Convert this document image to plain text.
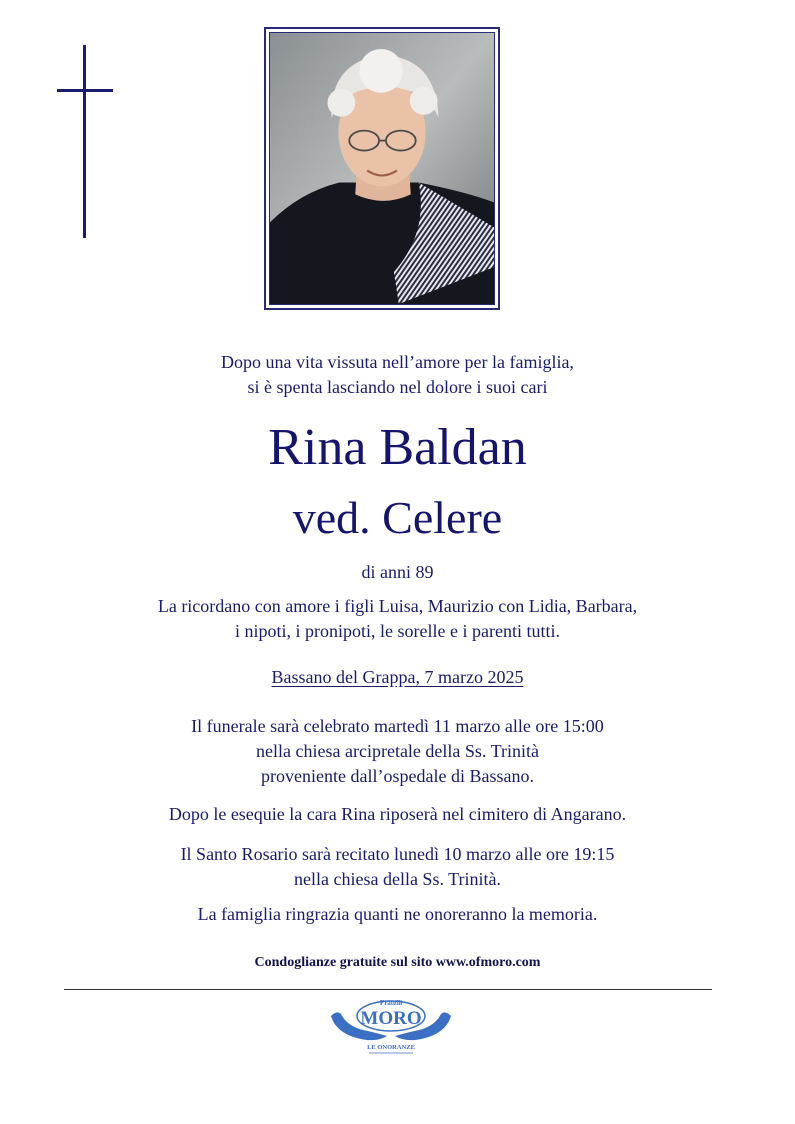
Dopo una vita vissuta nell’amore per la famiglia,
si è spenta lasciando nel dolore i suoi cari
Rina Baldan
ved. Celere
di anni 89
La ricordano con amore i figli Luisa, Maurizio con Lidia, Barbara,
i nipoti, i pronipoti, le sorelle e i parenti tutti.
Bassano del Grappa, 7 marzo 2025
Il funerale sarà celebrato martedì 11 marzo alle ore 15:00
nella chiesa arcipretale della Ss. Trinità
proveniente dall’ospedale di Bassano.
Dopo le esequie la cara Rina riposerà nel cimitero di Angarano.
Il Santo Rosario sarà recitato lunedì 10 marzo alle ore 19:15
nella chiesa della Ss. Trinità.
La famiglia ringrazia quanti ne onoreranno la memoria.
Condoglianze gratuite sul sito www.ofmoro.com
Fratelli
MORO
LE ONORANZE
